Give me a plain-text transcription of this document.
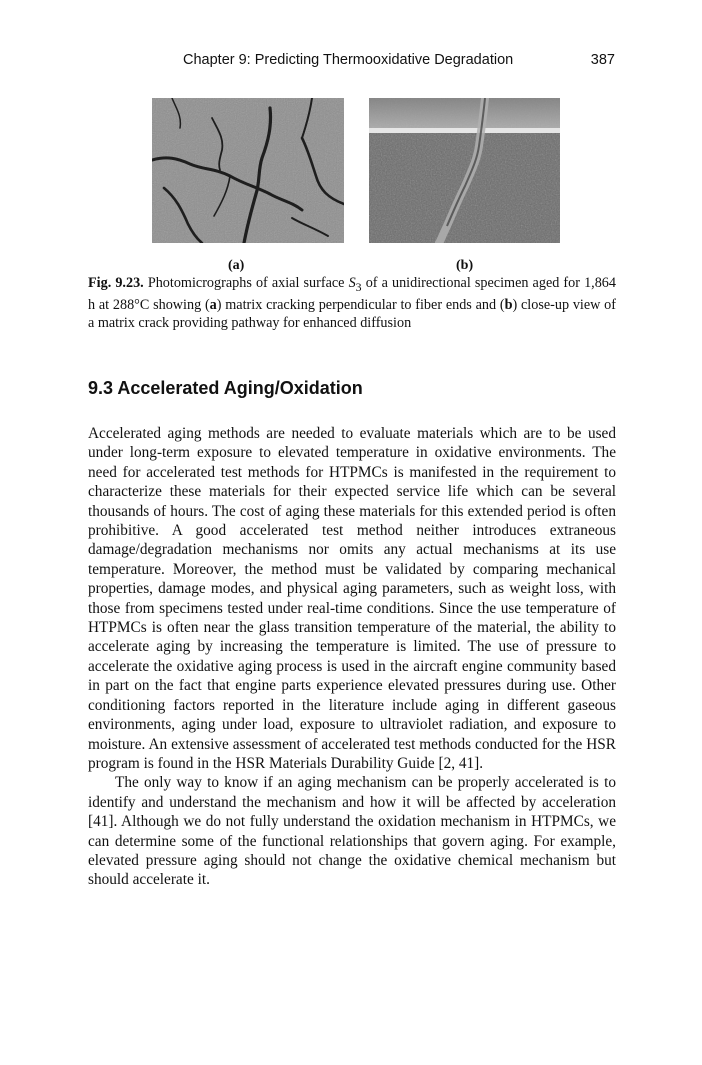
Chapter 9: Predicting Thermooxidative Degradation	387
(a)	(b)
Fig. 9.23. Photomicrographs of axial surface $S_3$ of a unidirectional specimen aged for 1,864 h at 288°C showing (a) matrix cracking perpendicular to fiber ends and (b) close-up view of a matrix crack providing pathway for enhanced diffusion
9.3 Accelerated Aging/Oxidation

Accelerated aging methods are needed to evaluate materials which are to be used under long-term exposure to elevated temperature in oxidative environments. The need for accelerated test methods for HTPMCs is manifested in the requirement to characterize these materials for their expected service life which can be several thousands of hours. The cost of aging these materials for this extended period is often prohibitive. A good accelerated test method neither introduces extraneous damage/degradation mechanisms nor omits any actual mechanisms at its use temperature. Moreover, the method must be validated by comparing mechanical properties, damage modes, and physical aging parameters, such as weight loss, with those from specimens tested under real-time conditions. Since the use temperature of HTPMCs is often near the glass transition temperature of the material, the ability to accelerate aging by increasing the temperature is limited. The use of pressure to accelerate the oxidative aging process is used in the aircraft engine community based in part on the fact that engine parts experience elevated pressures during use. Other conditioning factors reported in the literature include aging in different gaseous environments, aging under load, exposure to ultraviolet radiation, and exposure to moisture. An extensive assessment of accelerated test methods conducted for the HSR program is found in the HSR Materials Durability Guide [2, 41].

The only way to know if an aging mechanism can be properly accelerated is to identify and understand the mechanism and how it will be affected by acceleration [41]. Although we do not fully understand the oxidation mechanism in HTPMCs, we can determine some of the functional relationships that govern aging. For example, elevated pressure aging should not change the oxidative chemical mechanism but should accelerate it.
